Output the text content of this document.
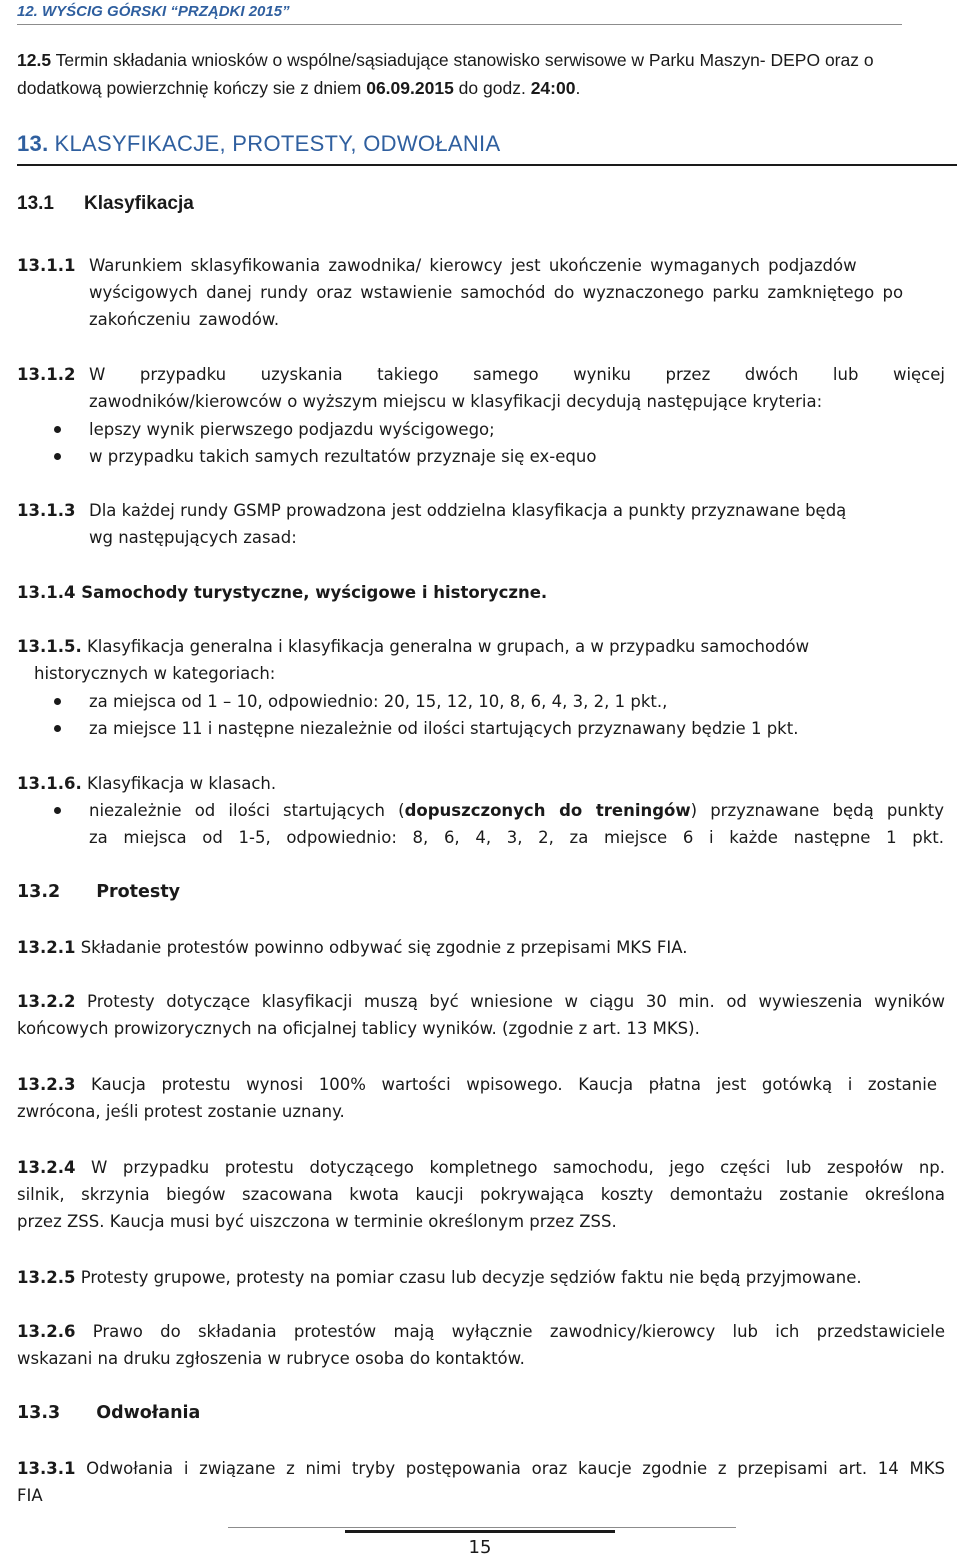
12. WYŚCIG GÓRSKI “PRZĄDKI 2015”

12.5 Termin składania wniosków o wspólne/sąsiadujące stanowisko serwisowe w Parku Maszyn- DEPO oraz o dodatkową powierzchnię kończy sie z dniem 06.09.2015 do godz. 24:00.

13. KLASYFIKACJE, PROTESTY, ODWOŁANIA
13.1 Klasyfikacja
13.1.1 Warunkiem sklasyfikowania zawodnika/ kierowcy jest ukończenie wymaganych podjazdów wyścigowych danej rundy oraz wstawienie samochód do wyznaczonego parku zamkniętego po zakończeniu zawodów.

13.1.2 W przypadku uzyskania takiego samego wyniku przez dwóch lub więcej

zawodników/kierowców o wyższym miejscu w klasyfikacji decydują następujące kryteria:

lepszy wynik pierwszego podjazdu wyścigowego;
w przypadku takich samych rezultatów przyznaje się ex-equo
13.1.3 Dla każdej rundy GSMP prowadzona jest oddzielna klasyfikacja a punkty przyznawane będą

wg następujących zasad:

13.1.4 Samochody turystyczne, wyścigowe i historyczne.

13.1.5. Klasyfikacja generalna i klasyfikacja generalna w grupach, a w przypadku samochodów

historycznych w kategoriach:

za miejsca od 1 – 10, odpowiednio: 20, 15, 12, 10, 8, 6, 4, 3, 2, 1 pkt.,
za miejsce 11 i następne niezależnie od ilości startujących przyznawany będzie 1 pkt.
13.1.6. Klasyfikacja w klasach.

niezależnie od ilości startujących (dopuszczonych do treningów) przyznawane będą punkty

za miejsca od 1-5, odpowiednio: 8, 6, 4, 3, 2, za miejsce 6 i każde następne 1 pkt.

13.2 Protesty

13.2.1 Składanie protestów powinno odbywać się zgodnie z przepisami MKS FIA.

13.2.2 Protesty dotyczące klasyfikacji muszą być wniesione w ciągu 30 min. od wywieszenia wyników

końcowych prowizorycznych na oficjalnej tablicy wyników. (zgodnie z art. 13 MKS).

13.2.3 Kaucja protestu wynosi 100% wartości wpisowego. Kaucja płatna jest gotówką i zostanie

zwrócona, jeśli protest zostanie uznany.

13.2.4 W przypadku protestu dotyczącego kompletnego samochodu, jego części lub zespołów np.

silnik, skrzynia biegów szacowana kwota kaucji pokrywająca koszty demontażu zostanie określona

przez ZSS. Kaucja musi być uiszczona w terminie określonym przez ZSS.

13.2.5 Protesty grupowe, protesty na pomiar czasu lub decyzje sędziów faktu nie będą przyjmowane.

13.2.6 Prawo do składania protestów mają wyłącznie zawodnicy/kierowcy lub ich przedstawiciele

wskazani na druku zgłoszenia w rubryce osoba do kontaktów.

13.3 Odwołania

13.3.1 Odwołania i związane z nimi tryby postępowania oraz kaucje zgodnie z przepisami art. 14 MKS

FIA

15
